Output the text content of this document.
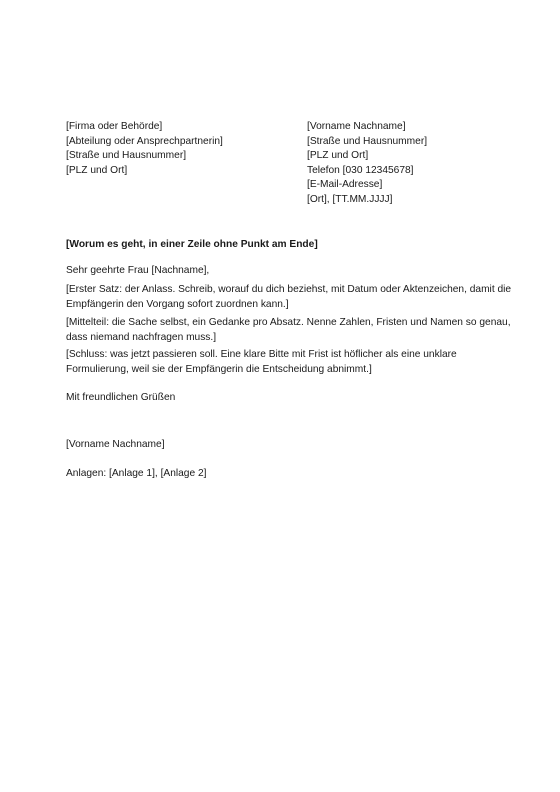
[Firma oder Behörde]
[Abteilung oder Ansprechpartnerin]
[Straße und Hausnummer]
[PLZ und Ort]
[Vorname Nachname]
[Straße und Hausnummer]
[PLZ und Ort]
Telefon [030 12345678]
[E-Mail-Adresse]
[Ort], [TT.MM.JJJJ]
[Worum es geht, in einer Zeile ohne Punkt am Ende]
Sehr geehrte Frau [Nachname],

[Erster Satz: der Anlass. Schreib, worauf du dich beziehst, mit Datum oder Aktenzeichen, damit die Empfängerin den Vorgang sofort zuordnen kann.]

[Mittelteil: die Sache selbst, ein Gedanke pro Absatz. Nenne Zahlen, Fristen und Namen so genau, dass niemand nachfragen muss.]

[Schluss: was jetzt passieren soll. Eine klare Bitte mit Frist ist höflicher als eine unklare Formulierung, weil sie der Empfängerin die Entscheidung abnimmt.]

Mit freundlichen Grüßen
[Vorname Nachname]
Anlagen: [Anlage 1], [Anlage 2]
